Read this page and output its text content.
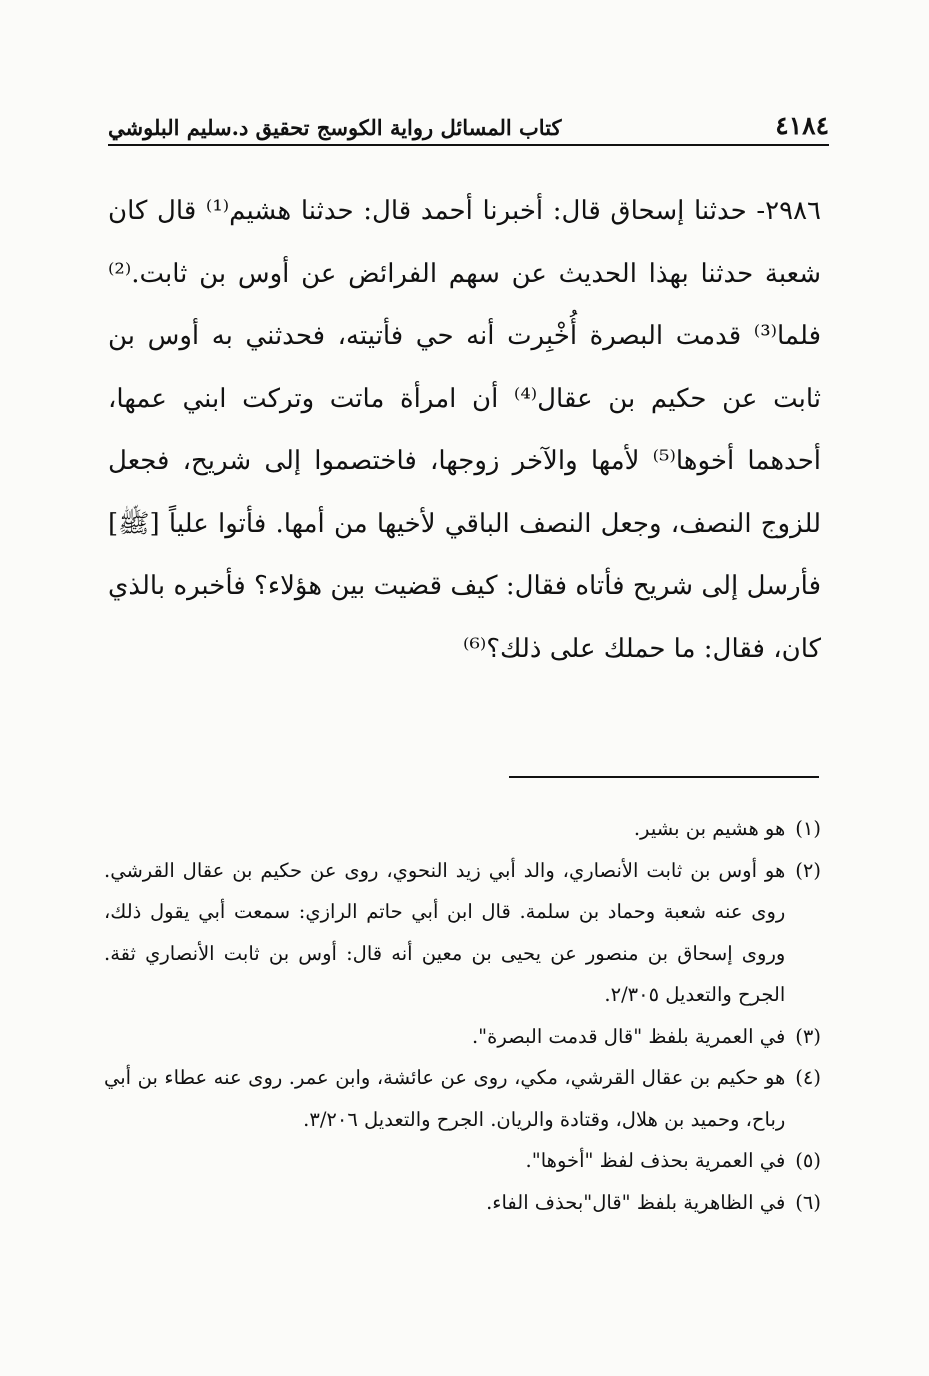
٤١٨٤
كتاب المسائل رواية الكوسج تحقيق د.سليم البلوشي
٢٩٨٦- حدثنا إسحاق قال: أخبرنا أحمد قال: حدثنا هشيم⁽¹⁾ قال كان شعبة حدثنا بهذا الحديث عن سهم الفرائض عن أوس بن ثابت.⁽²⁾ فلما⁽³⁾ قدمت البصرة أُخْبِرت أنه حي فأتيته، فحدثني به أوس بن ثابت عن حكيم بن عقال⁽⁴⁾ أن امرأة ماتت وتركت ابني عمها، أحدهما أخوها⁽⁵⁾ لأمها والآخر زوجها، فاختصموا إلى شريح، فجعل للزوج النصف، وجعل النصف الباقي لأخيها من أمها. فأتوا علياً [ﷺ] فأرسل إلى شريح فأتاه فقال: كيف قضيت بين هؤلاء؟ فأخبره بالذي كان، فقال: ما حملك على ذلك؟⁽⁶⁾
(١)
هو هشيم بن بشير.
(٢)
هو أوس بن ثابت الأنصاري، والد أبي زيد النحوي، روى عن حكيم بن عقال القرشي. روى عنه شعبة وحماد بن سلمة. قال ابن أبي حاتم الرازي: سمعت أبي يقول ذلك، وروى إسحاق بن منصور عن يحيى بن معين أنه قال: أوس بن ثابت الأنصاري ثقة. الجرح والتعديل ٢/٣٠٥.
(٣)
في العمرية بلفظ "قال قدمت البصرة".
(٤)
هو حكيم بن عقال القرشي، مكي، روى عن عائشة، وابن عمر. روى عنه عطاء بن أبي رباح، وحميد بن هلال، وقتادة والريان. الجرح والتعديل ٣/٢٠٦.
(٥)
في العمرية بحذف لفظ "أخوها".
(٦)
في الظاهرية بلفظ "قال"بحذف الفاء.
